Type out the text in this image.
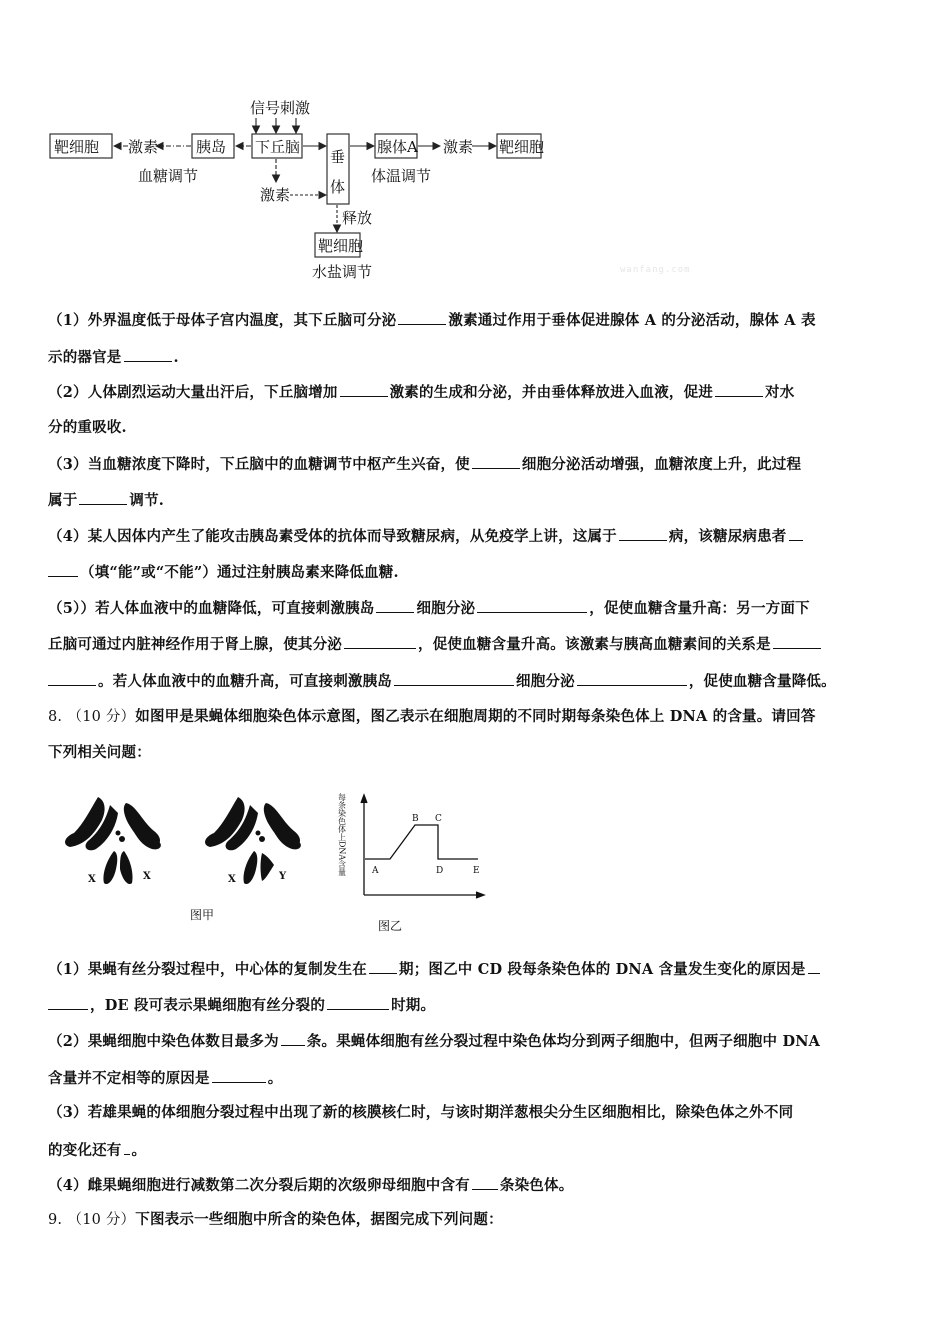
靶细胞 激素	胰岛 下丘脑
信号刺激
垂
体
腺体A 激素 靶细胞
激素
释放
靶细胞
血糖调节	体温调节
水盐调节	wanfang.com
（1）外界温度低于母体子宫内温度，其下丘脑可分泌	激素通过作用于垂体促进腺体 A 的分泌活动，腺体 A 表
示的器官是	.
（2）人体剧烈运动大量出汗后，下丘脑增加	激素的生成和分泌，并由垂体释放进入血液，促进	对水
分的重吸收.
（3）当血糖浓度下降时，下丘脑中的血糖调节中枢产生兴奋，使	细胞分泌活动增强，血糖浓度上升，此过程
属于	调节.
（4）某人因体内产生了能攻击胰岛素受体的抗体而导致糖尿病，从免疫学上讲，这属于	病，该糖尿病患者
（填“能”或“不能”）通过注射胰岛素来降低血糖.
（5））若人体血液中的血糖降低，可直接刺激胰岛	细胞分泌	，促使血糖含量升高：另一方面下
丘脑可通过内脏神经作用于肾上腺，使其分泌	，促使血糖含量升高。该激素与胰高血糖素间的关系是
。若人体血液中的血糖升高，可直接刺激胰岛	细胞分泌	，促使血糖含量降低。
8. （10 分）如图甲是果蝇体细胞染色体示意图，图乙表示在细胞周期的不同时期每条染色体上 DNA 的含量。请回答
下列相关问题：
X	X	X	Y
图甲
每条染色体上DNA含量	A
B C
D	E
图乙
（1）果蝇有丝分裂过程中，中心体的复制发生在 期；图乙中 CD 段每条染色体的 DNA 含量发生变化的原因是
，DE 段可表示果蝇细胞有丝分裂的	时期。
（2）果蝇细胞中染色体数目最多为 条。果蝇体细胞有丝分裂过程中染色体均分到两子细胞中，但两子细胞中 DNA
含量并不定相等的原因是	。
（3）若雄果蝇的体细胞分裂过程中出现了新的核膜核仁时，与该时期洋葱根尖分生区细胞相比，除染色体之外不同
的变化还有 。
（4）雌果蝇细胞进行减数第二次分裂后期的次级卵母细胞中含有 条染色体。
9. （10 分）下图表示一些细胞中所含的染色体，据图完成下列问题：
